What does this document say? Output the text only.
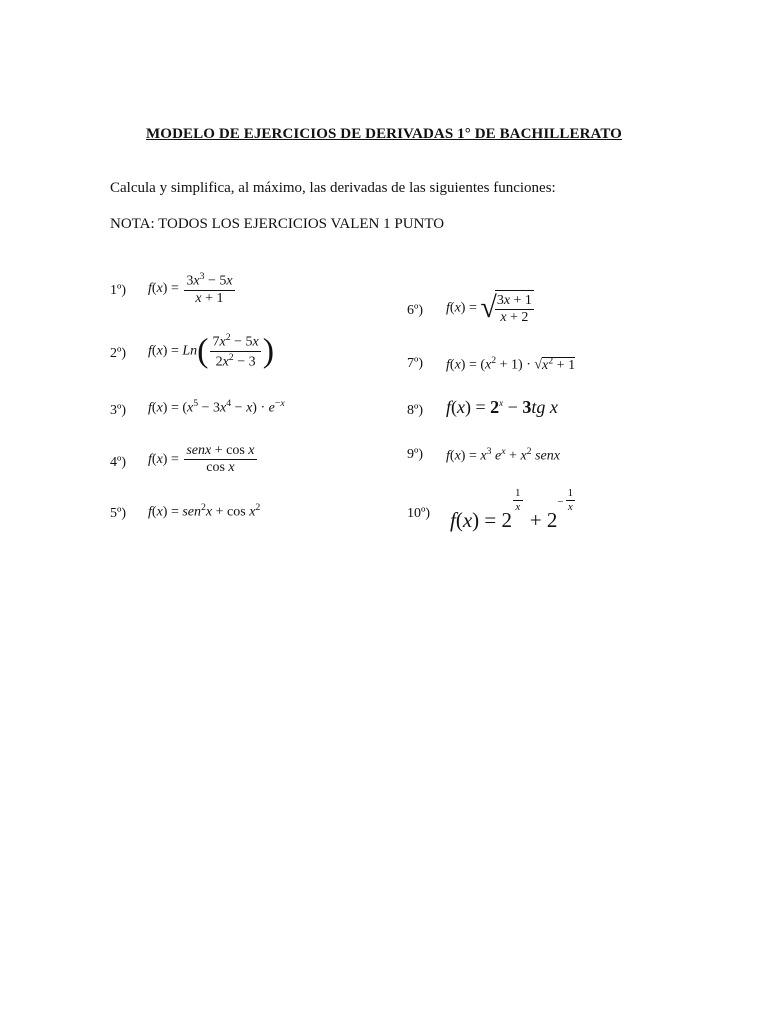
MODELO DE EJERCICIOS DE DERIVADAS 1° DE BACHILLERATO
Calcula y simplifica, al máximo, las derivadas de las siguientes funciones:
NOTA: TODOS LOS EJERCICIOS VALEN 1 PUNTO
1º) $f(x) = \frac{3x^3 - 5x}{x + 1}$
2º) $f(x) = Ln( \frac{7x^2 - 5x}{2x^2 - 3}$ )
3º) $f(x) = (x^5 - 3x^4 - x) \cdot e^{-x}$
4º) $f(x) = \frac{\text{senx + cos x}}{\text{cos x}}$
5º) $f(x) = sen^2x + \cos x^2$
6º) f(x) = √
$\frac{3x + 1}{x + 2}$
7º) $f(x) = (x^2 + 1) \cdot √x^2 + 1$
8º) $f(x) = 2^x - 3tg$ x
9º) $f(x) = x^3$ $e^x + x^2$ senx
10º) f(x) = 2
$\frac{1}{x}$
+ $2- \frac{1}{x}$
